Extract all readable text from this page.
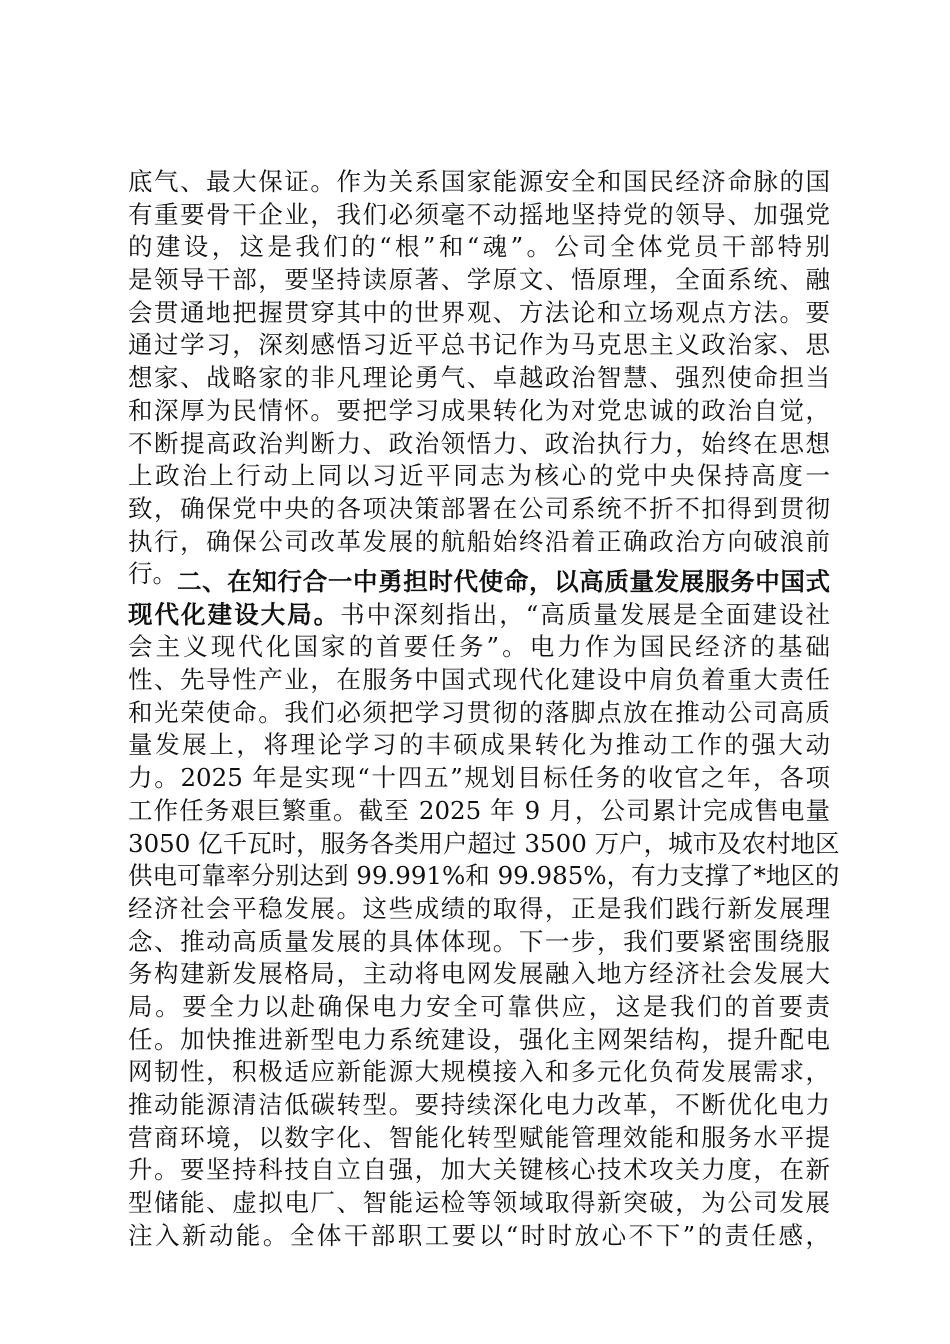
底气、最大保证。作为关系国家能源安全和国民经济命脉的国
有重要骨干企业，我们必须毫不动摇地坚持党的领导、加强党
的建设，这是我们的“根”和“魂”。公司全体党员干部特别
是领导干部，要坚持读原著、学原文、悟原理，全面系统、融
会贯通地把握贯穿其中的世界观、方法论和立场观点方法。要
通过学习，深刻感悟习近平总书记作为马克思主义政治家、思
想家、战略家的非凡理论勇气、卓越政治智慧、强烈使命担当
和深厚为民情怀。要把学习成果转化为对党忠诚的政治自觉，
不断提高政治判断力、政治领悟力、政治执行力，始终在思想
上政治上行动上同以习近平同志为核心的党中央保持高度一
致，确保党中央的各项决策部署在公司系统不折不扣得到贯彻
执行，确保公司改革发展的航船始终沿着正确政治方向破浪前
行。 二、在知行合一中勇担时代使命，以高质量发展服务中国式
现代化建设大局。书中深刻指出，“高质量发展是全面建设社
会主义现代化国家的首要任务”。电力作为国民经济的基础
性、先导性产业，在服务中国式现代化建设中肩负着重大责任
和光荣使命。我们必须把学习贯彻的落脚点放在推动公司高质
量发展上，将理论学习的丰硕成果转化为推动工作的强大动
力。2025 年是实现“十四五”规划目标任务的收官之年，各项
工作任务艰巨繁重。截至 2025 年 9 月，公司累计完成售电量
3050 亿千瓦时，服务各类用户超过 3500 万户，城市及农村地区
供电可靠率分别达到 99.991%和 99.985%，有力支撑了*地区的
经济社会平稳发展。这些成绩的取得，正是我们践行新发展理
念、推动高质量发展的具体体现。下一步，我们要紧密围绕服
务构建新发展格局，主动将电网发展融入地方经济社会发展大
局。要全力以赴确保电力安全可靠供应，这是我们的首要责
任。加快推进新型电力系统建设，强化主网架结构，提升配电
网韧性，积极适应新能源大规模接入和多元化负荷发展需求，
推动能源清洁低碳转型。要持续深化电力改革，不断优化电力
营商环境，以数字化、智能化转型赋能管理效能和服务水平提
升。要坚持科技自立自强，加大关键核心技术攻关力度，在新
型储能、虚拟电厂、智能运检等领域取得新突破，为公司发展
注入新动能。全体干部职工要以“时时放心不下”的责任感，
